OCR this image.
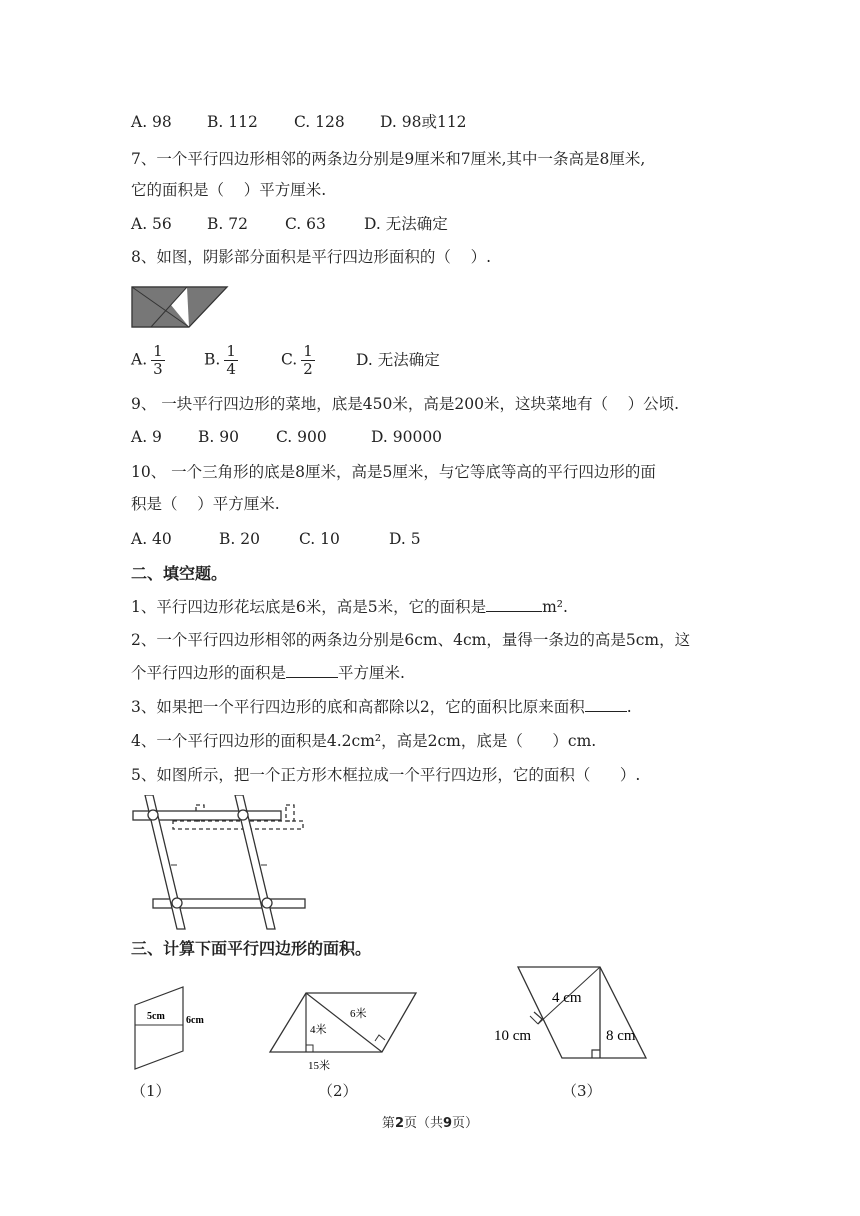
A. 98 B. 112 C. 128 D. 98或112
7、一个平行四边形相邻的两条边分别是9厘米和7厘米,其中一条高是8厘米,
它的面积是（    ）平方厘米.
A. 56 B. 72 C. 63 D. 无法确定
8、如图，阴影部分面积是平行四边形面积的（    ）.
A. $\frac{1}{3}$	B. $\frac{1}{4}$	C. $\frac{1}{2}$	D. 无法确定
9、 一块平行四边形的菜地，底是450米，高是200米，这块菜地有（    ）公顷.
A. 9 B. 90 C. 900	D. 90000
10、 一个三角形的底是8厘米，高是5厘米，与它等底等高的平行四边形的面
积是（    ）平方厘米.
A. 40	B. 20	C. 10	D. 5
二、填空题。
1、平行四边形花坛底是6米，高是5米，它的面积是	m².
2、一个平行四边形相邻的两条边分别是6cm、4cm，量得一条边的高是5cm，这
个平行四边形的面积是	平方厘米.
3、如果把一个平行四边形的底和高都除以2，它的面积比原来面积	.
4、一个平行四边形的面积是4.2cm²，高是2cm，底是（      ）cm.
5、如图所示，把一个正方形木框拉成一个平行四边形，它的面积（      ）.
三、计算下面平行四边形的面积。
5cm 6cm
（1）
4米
6米
15米
（2）
4 cm
10 cm	8 cm
（3）
第2页（共9页）
